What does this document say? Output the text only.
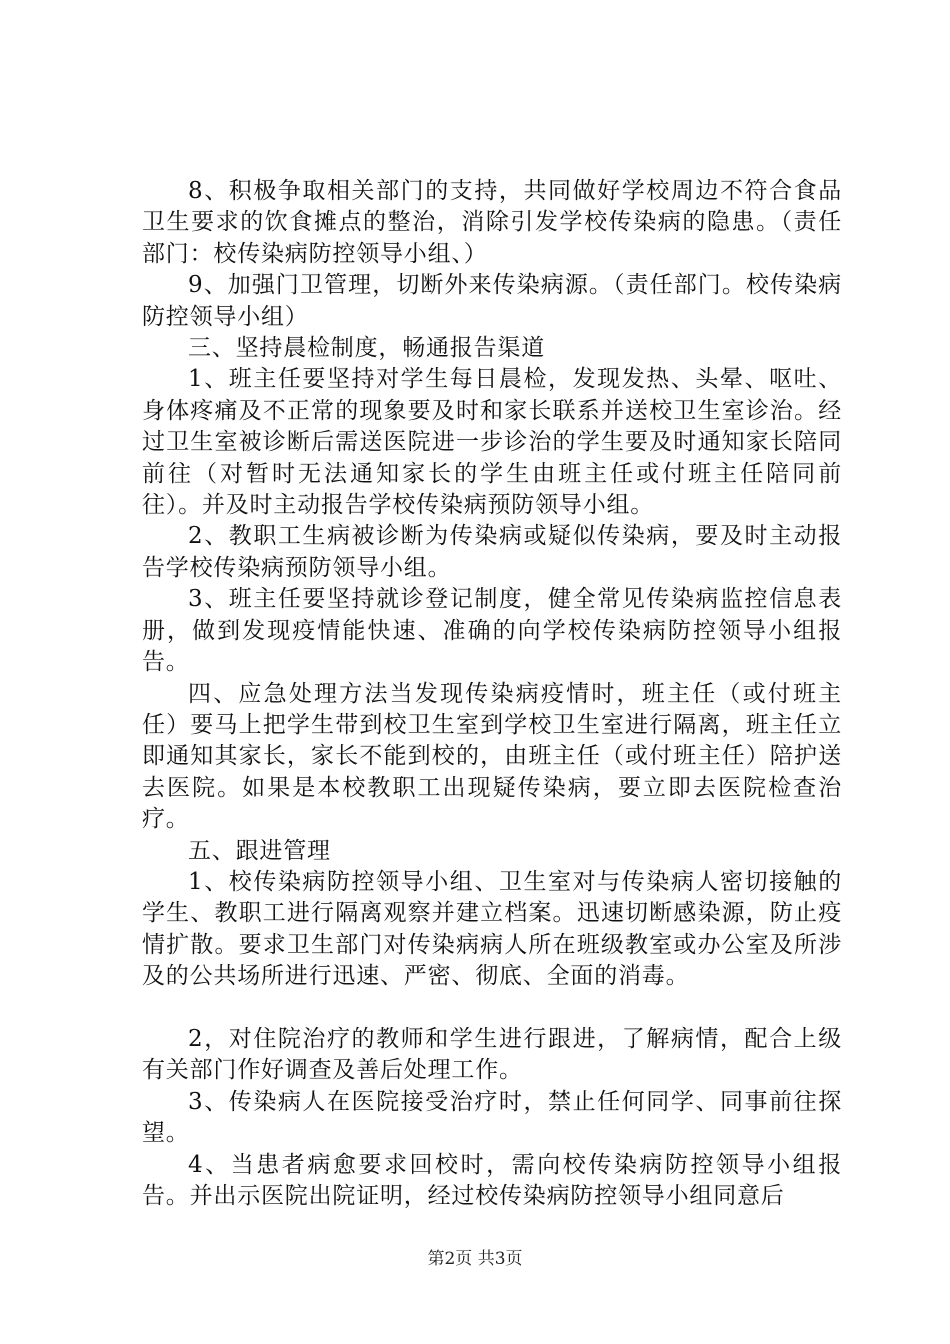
8、积极争取相关部门的支持，共同做好学校周边不符合食品卫生要求的饮食摊点的整治，消除引发学校传染病的隐患。（责任部门：校传染病防控领导小组、）

9、加强门卫管理，切断外来传染病源。（责任部门。校传染病防控领导小组）

三、坚持晨检制度，畅通报告渠道

1、班主任要坚持对学生每日晨检，发现发热、头晕、呕吐、身体疼痛及不正常的现象要及时和家长联系并送校卫生室诊治。经过卫生室被诊断后需送医院进一步诊治的学生要及时通知家长陪同前往（对暂时无法通知家长的学生由班主任或付班主任陪同前往）。并及时主动报告学校传染病预防领导小组。

2、教职工生病被诊断为传染病或疑似传染病，要及时主动报告学校传染病预防领导小组。

3、班主任要坚持就诊登记制度，健全常见传染病监控信息表册，做到发现疫情能快速、准确的向学校传染病防控领导小组报告。

四、应急处理方法当发现传染病疫情时，班主任（或付班主任）要马上把学生带到校卫生室到学校卫生室进行隔离，班主任立即通知其家长，家长不能到校的，由班主任（或付班主任）陪护送去医院。如果是本校教职工出现疑传染病，要立即去医院检查治疗。

五、跟进管理

1、校传染病防控领导小组、卫生室对与传染病人密切接触的学生、教职工进行隔离观察并建立档案。迅速切断感染源，防止疫情扩散。要求卫生部门对传染病病人所在班级教室或办公室及所涉及的公共场所进行迅速、严密、彻底、全面的消毒。

2，对住院治疗的教师和学生进行跟进，了解病情，配合上级有关部门作好调查及善后处理工作。

3、传染病人在医院接受治疗时，禁止任何同学、同事前往探望。

4、当患者病愈要求回校时，需向校传染病防控领导小组报告。并出示医院出院证明，经过校传染病防控领导小组同意后

第2页 共3页
